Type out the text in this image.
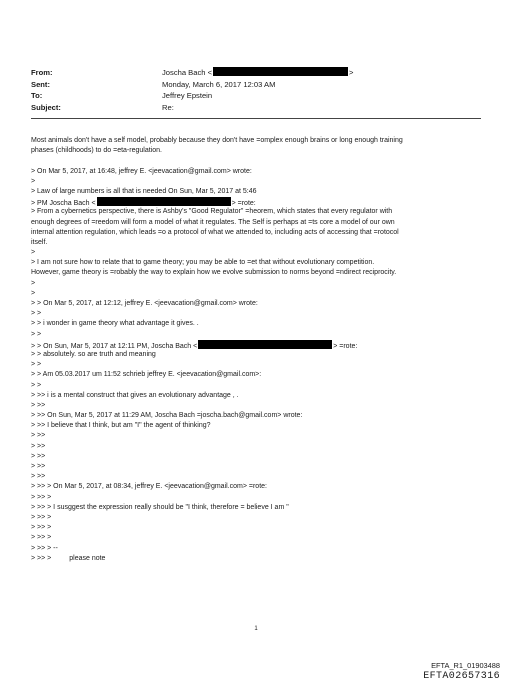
From:	Joscha Bach <	>
Sent:	Monday, March 6, 2017 12:03 AM
To:	Jeffrey Epstein
Subject:	Re:
Most animals don't have a self model, probably because they don't have =omplex enough brains or long enough training
phases (childhoods) to do =eta-regulation.
> On Mar 5, 2017, at 16:48, jeffrey E. <jeevacation@gmail.com> wrote:
>
> Law of large numbers is all that is needed On Sun, Mar 5, 2017 at 5:46
> PM Joscha Bach <	> =rote:
> From a cybernetics perspective, there is Ashby's "Good Regulator" =heorem, which states that every regulator with
enough degrees of =reedom will form a model of what it regulates. The Self is perhaps at =ts core a model of our own
internal attention regulation, which leads =o a protocol of what we attended to, including acts of accessing that =rotocol
itself.
>
> I am not sure how to relate that to game theory; you may be able to =et that without evolutionary competition.
However, game theory is =robably the way to explain how we evolve submission to norms beyond =ndirect reciprocity.
>
>
> > On Mar 5, 2017, at 12:12, jeffrey E. <jeevacation@gmail.com> wrote:
> >
> > i wonder in game theory what advantage it gives. .
> >
> > On Sun, Mar 5, 2017 at 12:11 PM, Joscha Bach <	> =rote:
> > absolutely. so are truth and meaning
> >
> > Am 05.03.2017 um 11:52 schrieb jeffrey E. <jeevacation@gmail.com>:
> >
> >> i is a mental construct that gives an evolutionary advantage , .
> >>
> >> On Sun, Mar 5, 2017 at 11:29 AM, Joscha Bach =joscha.bach@gmail.com> wrote:
> >> I believe that I think, but am "I" the agent of thinking?
> >>
> >>
> >>
> >>
> >>
> >> > On Mar 5, 2017, at 08:34, jeffrey E. <jeevacation@gmail.com> =rote:
> >> >
> >> > I susggest the expression really should be "I think, therefore = believe I am "
> >> >
> >> >
> >> >
> >> > --
> >> >	please note
1
EFTA_R1_01903488
EFTA02657316
